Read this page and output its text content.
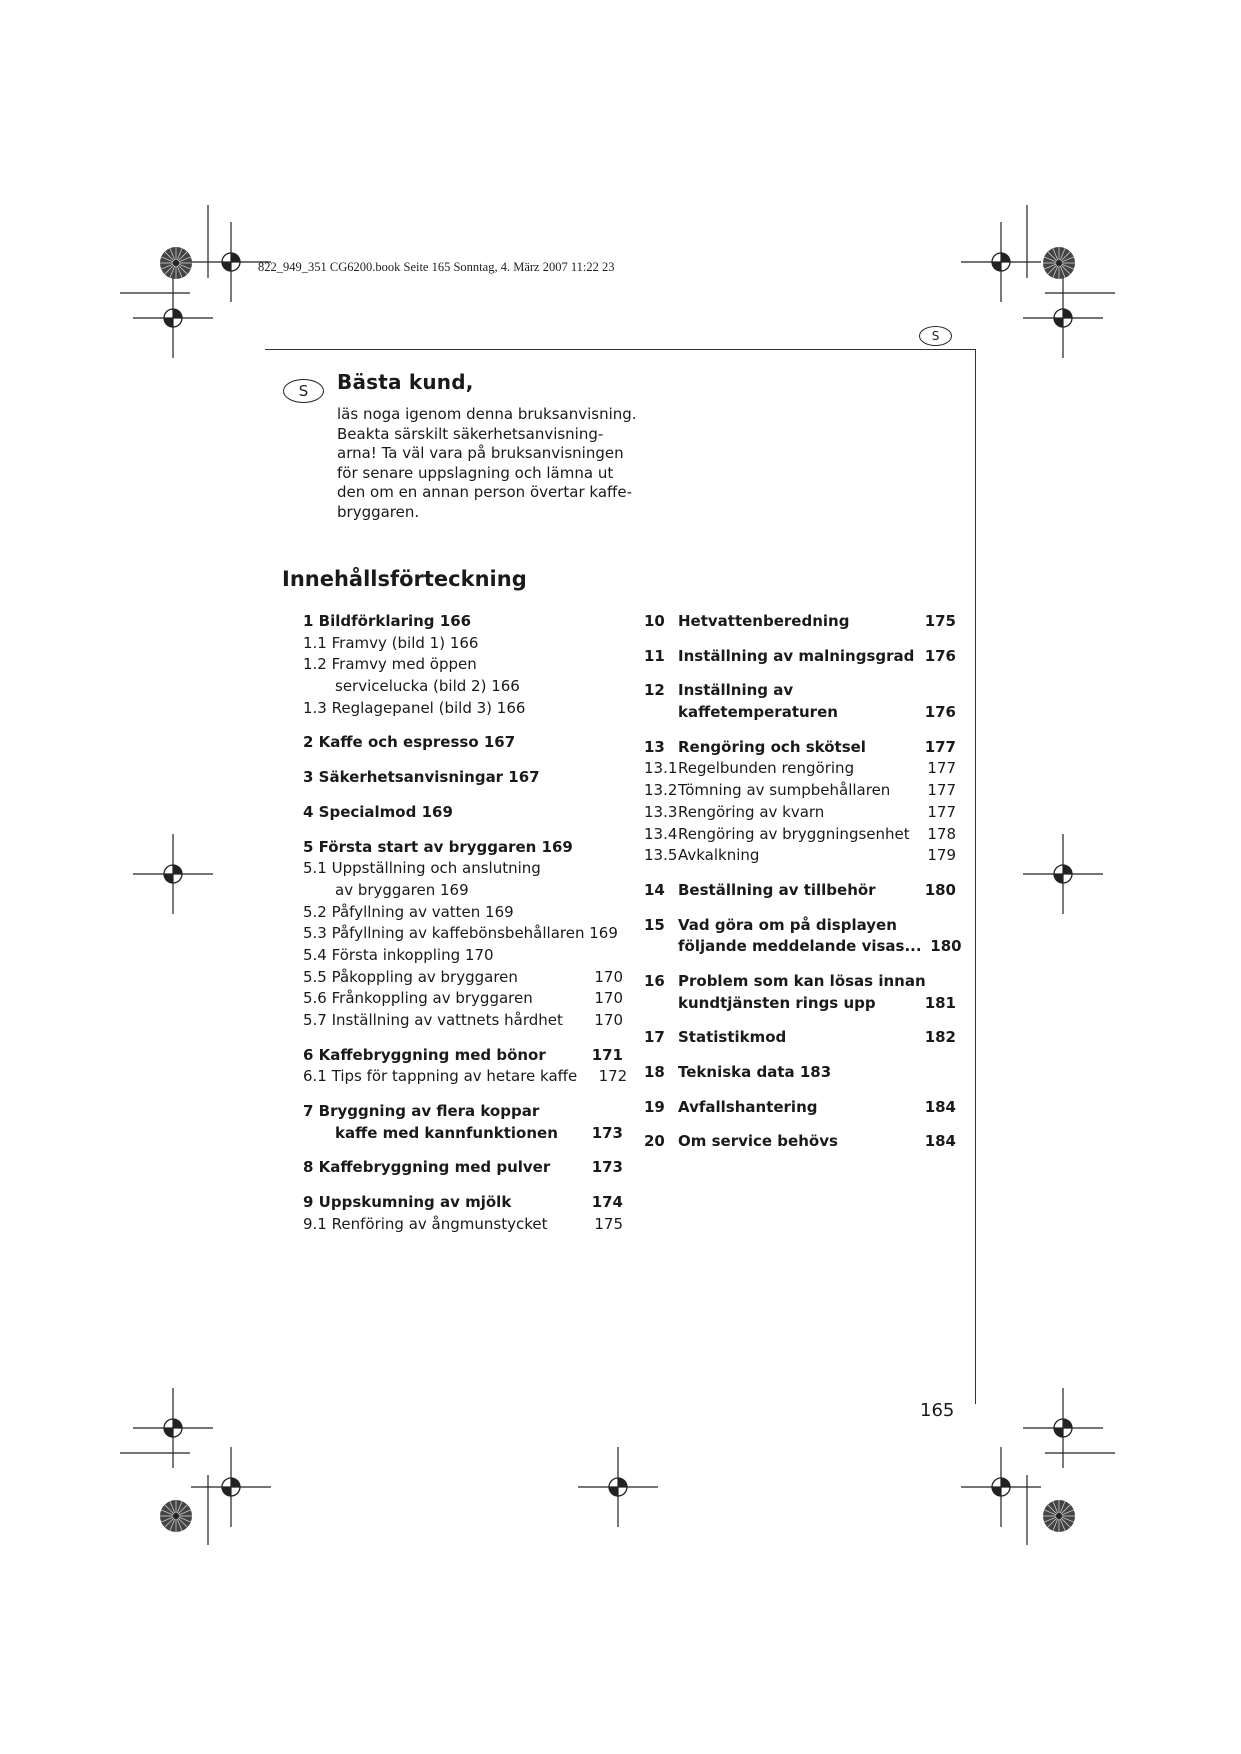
822_949_351 CG6200.book Seite 165 Sonntag, 4. März 2007 11:22 23
S
S	Bästa kund,
läs noga igenom denna bruksanvisning.
Beakta särskilt säkerhetsanvisning-
arna! Ta väl vara på bruksanvisningen
för senare uppslagning och lämna ut
den om en annan person övertar kaffe-
bryggaren.
Innehållsförteckning
1 Bildförklaring 166
1.1 Framvy (bild 1) 166
1.2 Framvy med öppen
servicelucka (bild 2) 166
1.3 Reglagepanel (bild 3) 166
2 Kaffe och espresso 167
3 Säkerhetsanvisningar 167
4 Specialmod 169
5 Första start av bryggaren 169
5.1 Uppställning och anslutning
av bryggaren 169
5.2 Påfyllning av vatten 169
5.3 Påfyllning av kaffebönsbehållaren 169
5.4 Första inkoppling 170
5.5 Påkoppling av bryggaren	170
5.6 Frånkoppling av bryggaren	170
5.7 Inställning av vattnets hårdhet	170
6 Kaffebryggning med bönor	171
6.1 Tips för tappning av hetare kaffe	172
7 Bryggning av flera koppar
kaffe med kannfunktionen	173
8 Kaffebryggning med pulver	173
9 Uppskumning av mjölk	174
9.1 Renföring av ångmunstycket	175
10 Hetvattenberedning	175
11 Inställning av malningsgrad 176
12 Inställning av
kaffetemperaturen	176
13 Rengöring och skötsel	177
13.1 Regelbunden rengöring	177
13.2 Tömning av sumpbehållaren	177
13.3 Rengöring av kvarn	177
13.4 Rengöring av bryggningsenhet	178
13.5 Avkalkning	179
14 Beställning av tillbehör	180
15 Vad göra om på displayen
följande meddelande visas... 180
16 Problem som kan lösas innan
kundtjänsten rings upp	181
17 Statistikmod	182
18 Tekniska data 183
19 Avfallshantering	184
20 Om service behövs	184
165
